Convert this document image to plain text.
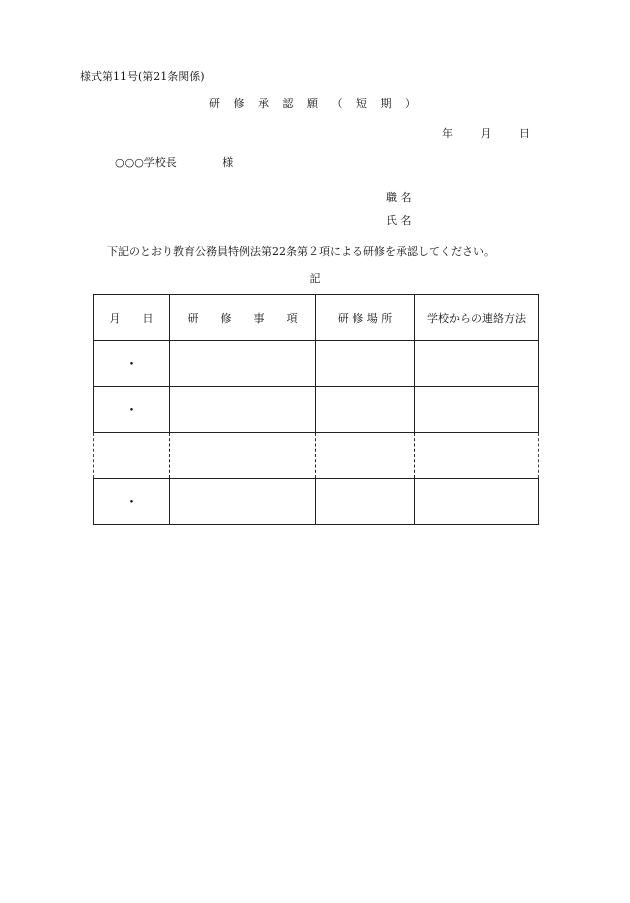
様式第11号(第21条関係)
研 修 承 認 願 （ 短 期 ）
年	月	日
○○○学校長	様
職 名
氏 名
下記のとおり教育公務員特例法第22条第２項による研修を承認してください。
記
月　　日	研　　修　　事　　項	研 修 場 所	学校からの連絡方法
・			
・			

・			
